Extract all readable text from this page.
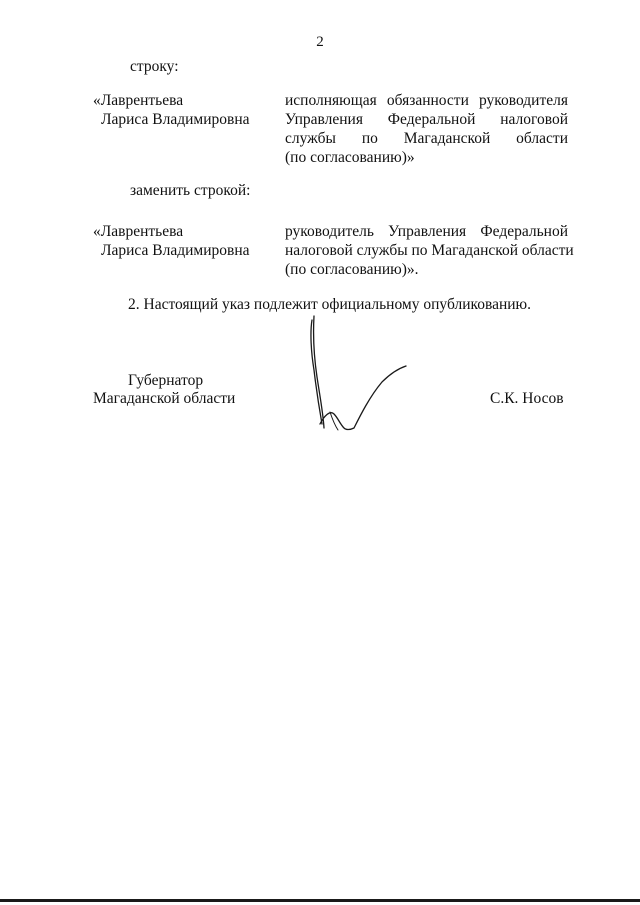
2
строку:
«Лаврентьева
Лариса Владимировна
исполняющая обязанности руководителя
Управления Федеральной налоговой
службы по Магаданской области
(по согласованию)»
заменить строкой:
«Лаврентьева
Лариса Владимировна
руководитель Управления Федеральной
налоговой службы по Магаданской области
(по согласованию)».
2. Настоящий указ подлежит официальному опубликованию.
Губернатор
Магаданской области	С.К. Носов
